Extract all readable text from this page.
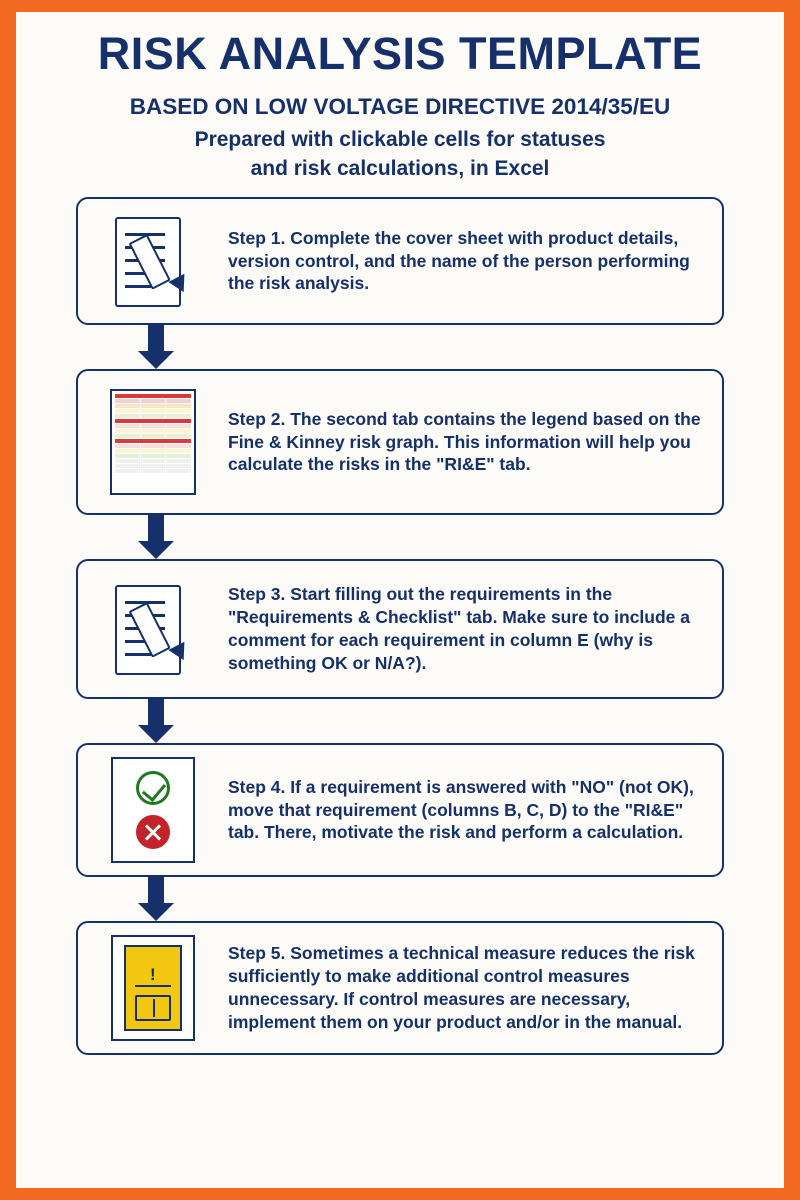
RISK ANALYSIS TEMPLATE
BASED ON LOW VOLTAGE DIRECTIVE 2014/35/EU
Prepared with clickable cells for statuses
and risk calculations, in Excel
Step 1. Complete the cover sheet with product details, version control, and the name of the person performing the risk analysis.
Step 2. The second tab contains the legend based on the Fine & Kinney risk graph. This information will help you calculate the risks in the "RI&E" tab.
Step 3. Start filling out the requirements in the "Requirements & Checklist" tab. Make sure to include a comment for each requirement in column E (why is something OK or N/A?).
Step 4. If a requirement is answered with "NO" (not OK), move that requirement (columns B, C, D) to the "RI&E" tab. There, motivate the risk and perform a calculation.
!
Step 5. Sometimes a technical measure reduces the risk sufficiently to make additional control measures unnecessary. If control measures are necessary, implement them on your product and/or in the manual.
